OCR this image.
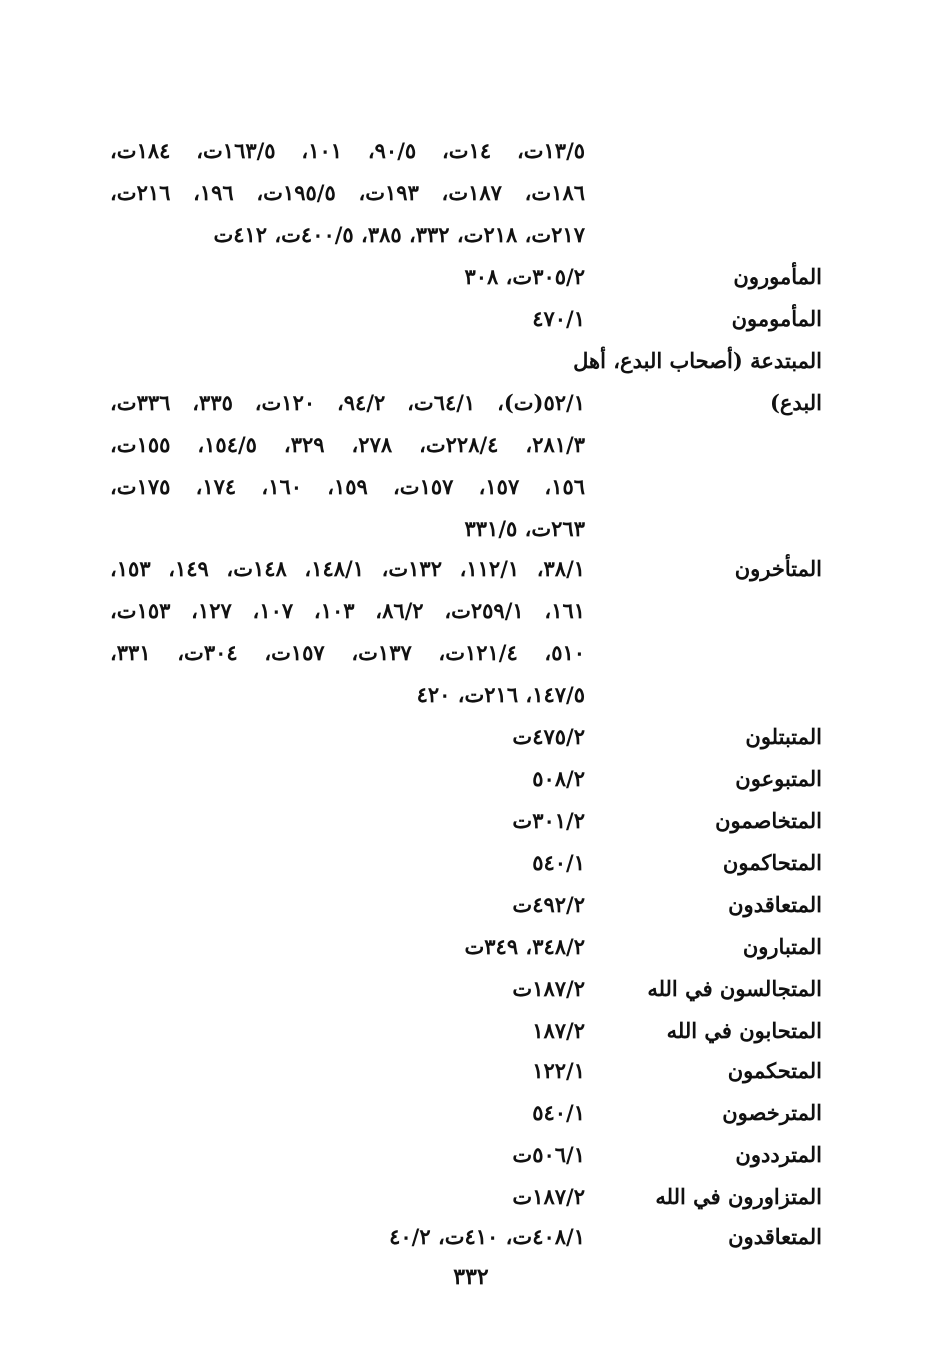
١٣/٥ت، ١٤ت، ٩٠/٥، ١٠١، ١٦٣/٥ت، ١٨٤ت،
١٨٦ت، ١٨٧ت، ١٩٣ت، ١٩٥/٥ت، ١٩٦، ٢١٦ت،
٢١٧ت، ٢١٨ت، ٣٣٢، ٣٨٥، ٤٠٠/٥ت، ٤١٢ت
المأمورون
٣٠٥/٢ت، ٣٠٨
المأمومون
٤٧٠/١
المبتدعة (أصحاب البدع، أهل
البدع)
٥٢/١(ت)، ٦٤/١ت، ٩٤/٢، ١٢٠ت، ٣٣٥، ٣٣٦ت،
٢٨١/٣، ٢٢٨/٤ت، ٢٧٨، ٣٢٩، ١٥٤/٥، ١٥٥ت،
١٥٦، ١٥٧، ١٥٧ت، ١٥٩، ١٦٠، ١٧٤، ١٧٥ت،
٢٦٣ت، ٣٣١/٥
المتأخرون
٣٨/١، ١١٢/١، ١٣٢ت، ١٤٨/١، ١٤٨ت، ١٤٩، ١٥٣،
١٦١، ٢٥٩/١ت، ٨٦/٢، ١٠٣، ١٠٧، ١٢٧، ١٥٣ت،
٥١٠، ١٢١/٤ت، ١٣٧ت، ١٥٧ت، ٣٠٤ت، ٣٣١،
١٤٧/٥، ٢١٦ت، ٤٢٠
المتبتلون
٤٧٥/٢ت
المتبوعون
٥٠٨/٢
المتخاصمون
٣٠١/٢ت
المتحاكمون
٥٤٠/١
المتعاقدون
٤٩٢/٢ت
المتبارون
٣٤٨/٢، ٣٤٩ت
المتجالسون في الله
١٨٧/٢ت
المتحابون في الله
١٨٧/٢
المتحكمون
١٢٢/١
المترخصون
٥٤٠/١
المترددون
٥٠٦/١ت
المتزاورون في الله
١٨٧/٢ت
المتعاقدون
٤٠٨/١ت، ٤١٠ت، ٤٠/٢
٣٣٢
